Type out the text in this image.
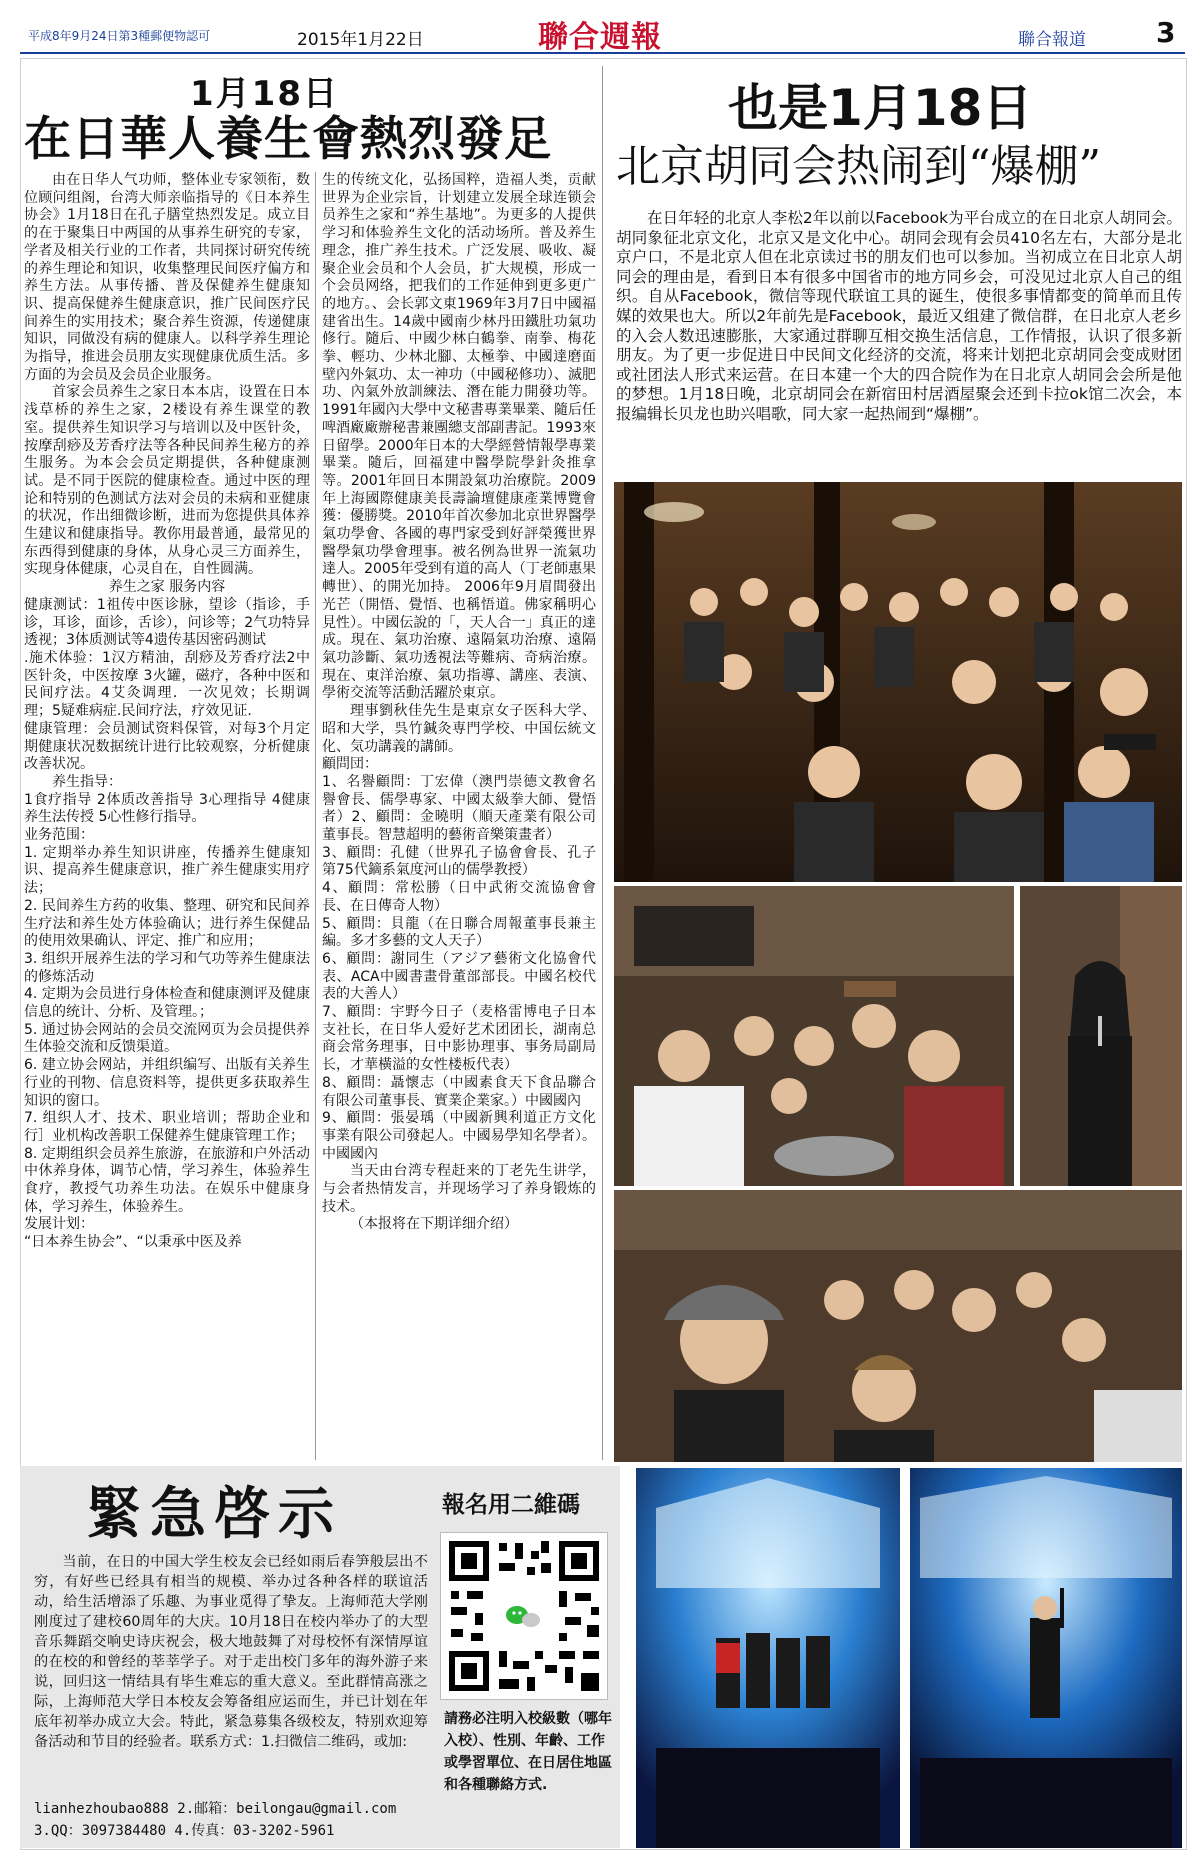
平成8年9月24日第3種郵便物認可	2015年1月22日	聯合週報	聯合報道	3
1月18日
在日華人養生會熱烈發足

由在日华人气功师，整体业专家领衔，数位顾问组阁，台湾大师亲临指导的《日本养生协会》1月18日在孔子膳堂热烈发足。成立目的在于聚集日中两国的从事养生研究的专家，学者及相关行业的工作者，共同探讨研究传统的养生理论和知识，收集整理民间医疗偏方和养生方法。从事传播、普及保健养生健康知识、提高保健养生健康意识，推广民间医疗民间养生的实用技术；聚合养生资源，传递健康知识，同做没有病的健康人。以科学养生理论为指导，推进会员朋友实现健康优质生活。多方面的为会员及会员企业服务。

首家会员养生之家日本本店，设置在日本浅草桥的养生之家，2楼设有养生课堂的教室。提供养生知识学习与培训以及中医针灸，按摩刮痧及芳香疗法等各种民间养生秘方的养生服务。为本会会员定期提供，各种健康测试。是不同于医院的健康检查。通过中医的理论和特别的色测试方法对会员的未病和亚健康的状况，作出细微诊断，进而为您提供具体养生建议和健康指导。教你用最普通，最常见的东西得到健康的身体，从身心灵三方面养生，实现身体健康，心灵自在，自性圆满。

养生之家 服务内容

健康测试：1祖传中医诊脉，望诊（指诊，手诊，耳诊，面诊，舌诊），问诊等；2气功特异透视；3体质测试等4遗传基因密码测试

.施术体验：1汉方精油，刮痧及芳香疗法2中医针灸，中医按摩 3火罐，磁疗，各种中医和民间疗法。4艾灸调理．一次见效；长期调理；5疑难病症.民间疗法，疗效见证.

健康管理：会员测试资料保管，对每3个月定期健康状况数据统计进行比较观察，分析健康改善状况。

养生指导：

1食疗指导 2体质改善指导 3心理指导 4健康养生法传授 5心性修行指导。

业务范围：

1. 定期举办养生知识讲座，传播养生健康知识、提高养生健康意识，推广养生健康实用疗法；

2. 民间养生方药的收集、整理、研究和民间养生疗法和养生处方体验确认；进行养生保健品的使用效果确认、评定、推广和应用；

3. 组织开展养生法的学习和气功等养生健康法的修炼活动

4. 定期为会员进行身体检查和健康测评及健康信息的统计、分析、及管理。；

5. 通过协会网站的会员交流网页为会员提供养生体验交流和反馈渠道。

6. 建立协会网站，并组织编写、出版有关养生行业的刊物、信息资料等，提供更多获取养生知识的窗口。

7. 组织人才、技术、职业培训；帮助企业和行］业机构改善职工保健养生健康管理工作；

8. 定期组织会员养生旅游，在旅游和户外活动中休养身体，调节心情，学习养生，体验养生食疗，教授气功养生功法。在娱乐中健康身体，学习养生，体验养生。

发展计划：

“日本养生协会”、“以秉承中医及养

生的传统文化，弘扬国粹，造福人类，贡献世界为企业宗旨，计划建立发展全球连锁会员养生之家和“养生基地”。为更多的人提供学习和体验养生文化的活动场所。普及养生理念，推广养生技术。广泛发展、吸收、凝聚企业会员和个人会员，扩大规模，形成一个会员网络，把我们的工作延伸到更多更广的地方。、会长郭文東1969年3月7日中國福建省出生。14歲中國南少林丹田鐵肚功氣功修行。隨后、中國少林白鶴拳、南拳、梅花拳、輕功、少林北腳、太極拳、中國達磨面壁內外氣功、太一神功（中國秘修功）、滅肥功、內氣外放訓練法、潛在能力開發功等。1991年國內大學中文秘書專業畢業、隨后任啤酒廠廠辦秘書兼團總支部副書記。1993來日留學。2000年日本的大學經營情報學專業畢業。隨后，回福建中醫學院學針灸推拿等。2001年回日本開設氣功治療院。2009年上海國際健康美長壽論壇健康產業博覽會獲：優勝獎。2010年首次參加北京世界醫學氣功學會、各國的專門家受到好評榮獲世界醫學氣功學會理事。被名例為世界一流氣功達人。2005年受到有道的高人（丁老師惠果轉世）、的開光加持。 2006年9月眉間發出光芒（開悟、覺悟、也稱悟道。佛家稱明心見性）。中國伝說的「，天人合一」真正的達成。現在、氣功治療、遠隔氣功治療、遠隔氣功診斷、氣功透視法等難病、奇病治療。現在、東洋治療、氣功指導、講座、表演、學術交流等活動活躍於東京。

理事劉秋佳先生是東京女子医科大学、昭和大学，呉竹鍼灸専門学校、中国伝統文化、気功講義的講師。

顧問団：

1、名譽顧問：丁宏偉（澳門崇德文教會名譽會長、儒學專家、中國太級拳大師、覺悟者）2、顧問：金曉明（順天產業有限公司董事長。智慧超明的藝術音樂策畫者）

3、顧問：孔健（世界孔子協會會長、孔子第75代鏑系氣度河山的儒學教授）

4、顧問：常松勝（日中武術交流協會會長、在日傳奇人物）

5、顧問：貝龍（在日聯合周報董事長兼主編。多才多藝的文人天子）

6、顧問：謝同生（アジア藝術文化協會代表、ACA中國書畫骨董部部長。中國名校代表的大善人）

7、顧問：宇野今日子（麦格雷博电子日本支社长，在日华人爱好艺术团团长，湖南总商会常务理事，日中影协理事、事务局副局长，才華橫溢的女性楼板代表）

8、顧問：聶懷志（中國素食天下食品聯合有限公司董事長、實業企業家。）中國國內

9、顧問：張晏瑀（中國新興利道正方文化事業有限公司發起人。中國易學知名學者）。中國國內

当天由台湾专程赶来的丁老先生讲学，与会者热情发言，并现场学习了养身锻炼的技术。

（本报将在下期详细介绍）

也是1月18日
北京胡同会热闹到“爆棚”

在日年轻的北京人李松2年以前以Facebook为平台成立的在日北京人胡同会。胡同象征北京文化，北京又是文化中心。胡同会现有会员410名左右，大部分是北京户口，不是北京人但在北京读过书的朋友们也可以参加。当初成立在日北京人胡同会的理由是，看到日本有很多中国省市的地方同乡会，可没见过北京人自己的组织。自从Facebook，微信等现代联谊工具的诞生，使很多事情都变的简单而且传媒的效果也大。所以2年前先是Facebook，最近又组建了微信群，在日北京人老乡的入会人数迅速膨胀，大家通过群聊互相交换生活信息，工作情报，认识了很多新朋友。为了更一步促进日中民间文化经济的交流，将来计划把北京胡同会变成财团或社团法人形式来运营。在日本建一个大的四合院作为在日北京人胡同会会所是他的梦想。1月18日晚，北京胡同会在新宿田村居酒屋聚会还到卡拉ok馆二次会，本报编辑长贝龙也助兴唱歌，同大家一起热闹到“爆棚”。

緊急啓示

当前，在日的中国大学生校友会已经如雨后春笋般层出不穷，有好些已经具有相当的规模、举办过各种各样的联谊活动，给生活增添了乐趣、为事业觅得了挚友。上海师范大学刚刚度过了建校60周年的大庆。10月18日在校内举办了的大型音乐舞蹈交响史诗庆祝会，极大地鼓舞了对母校怀有深情厚谊的在校的和曾经的莘莘学子。对于走出校门多年的海外游子来说，回归这一情结具有毕生难忘的重大意义。至此群情高涨之际，上海师范大学日本校友会筹备组应运而生，并已计划在年底年初举办成立大会。特此，紧急募集各级校友，特别欢迎筹备活动和节目的经验者。联系方式：1.扫微信二维码，或加:

lianhezhoubao888 2.邮箱：beilongau@gmail.com
3.QQ：3097384480 4.传真：03-3202-5961
報名用二維碼
請務必注明入校級數（哪年入校）、性別、年齡、工作或學習單位、在日居住地區和各種聯絡方式.
